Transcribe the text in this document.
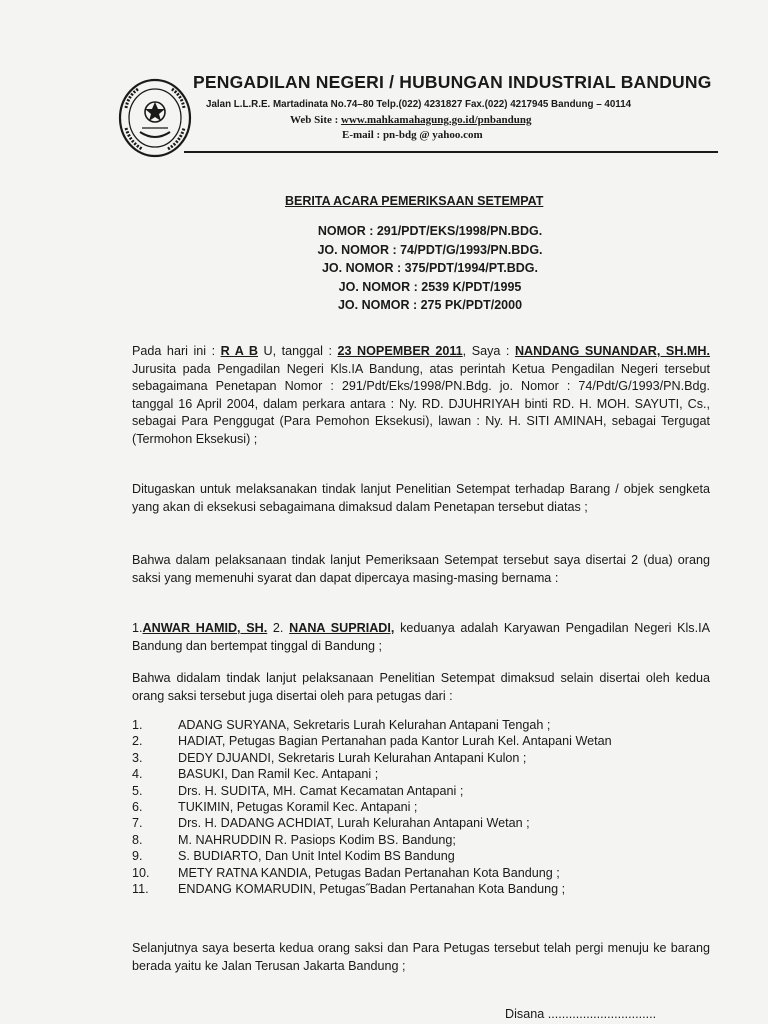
PENGADILAN NEGERI / HUBUNGAN INDUSTRIAL BANDUNG
Jalan L.L.R.E. Martadinata No.74–80 Telp.(022) 4231827 Fax.(022) 4217945 Bandung – 40114
Web Site : www.mahkamahagung.go.id/pnbandung
E-mail : pn-bdg @ yahoo.com
BERITA ACARA PEMERIKSAAN SETEMPAT
NOMOR : 291/PDT/EKS/1998/PN.BDG.
JO. NOMOR : 74/PDT/G/1993/PN.BDG.
JO. NOMOR : 375/PDT/1994/PT.BDG.
JO. NOMOR : 2539 K/PDT/1995
JO. NOMOR : 275 PK/PDT/2000
Pada hari ini : R A B U, tanggal : 23 NOPEMBER 2011, Saya : NANDANG SUNANDAR, SH.MH. Jurusita pada Pengadilan Negeri Kls.IA Bandung, atas perintah Ketua Pengadilan Negeri tersebut sebagaimana Penetapan Nomor : 291/Pdt/Eks/1998/PN.Bdg. jo. Nomor : 74/Pdt/G/1993/PN.Bdg. tanggal 16 April 2004, dalam perkara antara : Ny. RD. DJUHRIYAH binti RD. H. MOH. SAYUTI, Cs., sebagai Para Penggugat (Para Pemohon Eksekusi), lawan : Ny. H. SITI AMINAH, sebagai Tergugat (Termohon Eksekusi) ;
Ditugaskan untuk melaksanakan tindak lanjut Penelitian Setempat terhadap Barang / objek sengketa yang akan di eksekusi sebagaimana dimaksud dalam Penetapan tersebut diatas ;
Bahwa dalam pelaksanaan tindak lanjut Pemeriksaan Setempat tersebut saya disertai 2 (dua) orang saksi yang memenuhi syarat dan dapat dipercaya masing-masing bernama :
1.ANWAR HAMID, SH. 2. NANA SUPRIADI, keduanya adalah Karyawan Pengadilan Negeri Kls.IA Bandung dan bertempat tinggal di Bandung ;
Bahwa didalam tindak lanjut pelaksanaan Penelitian Setempat dimaksud selain disertai oleh kedua orang saksi tersebut juga disertai oleh para petugas dari :
1.	ADANG SURYANA, Sekretaris Lurah Kelurahan Antapani Tengah ;
2.	HADIAT, Petugas Bagian Pertanahan pada Kantor Lurah Kel. Antapani Wetan
3.	DEDY DJUANDI, Sekretaris Lurah Kelurahan Antapani Kulon ;
4.	BASUKI, Dan Ramil Kec. Antapani ;
5.	Drs. H. SUDITA, MH. Camat Kecamatan Antapani ;
6.	TUKIMIN, Petugas Koramil Kec. Antapani ;
7.	Drs. H. DADANG ACHDIAT, Lurah Kelurahan Antapani Wetan ;
8.	M. NAHRUDDIN R. Pasiops Kodim BS. Bandung;
9.	S. BUDIARTO, Dan Unit Intel Kodim BS Bandung
10.	METY RATNA KANDIA, Petugas Badan Pertanahan Kota Bandung ;
11.	ENDANG KOMARUDIN, Petugas˝Badan Pertanahan Kota Bandung ;
Selanjutnya saya beserta kedua orang saksi dan Para Petugas tersebut telah pergi menuju ke barang berada yaitu ke Jalan Terusan Jakarta Bandung ;
Disana ...............................
